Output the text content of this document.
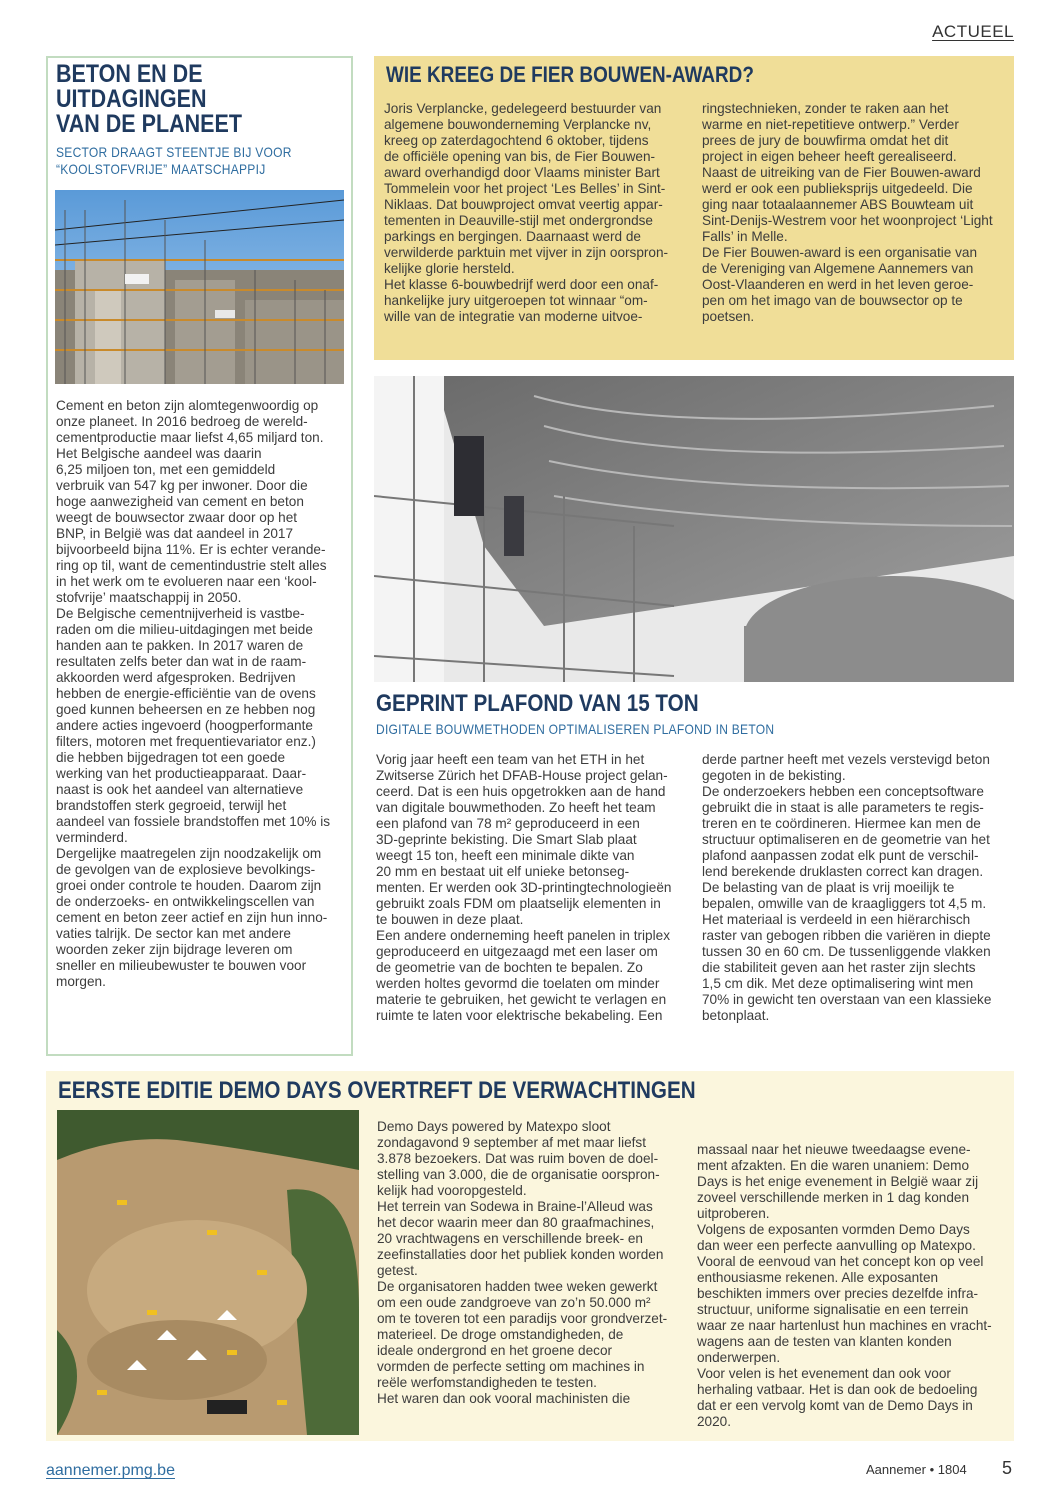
ACTUEEL
BETON EN DE
UITDAGINGEN
VAN DE PLANEET
SECTOR DRAAGT STEENTJE BIJ VOOR
“KOOLSTOFVRIJE” MAATSCHAPPIJ

Cement en beton zijn alomtegenwoordig op

onze planeet. In 2016 bedroeg de wereld-

cementproductie maar liefst 4,65 miljard ton.

Het Belgische aandeel was daarin

6,25 miljoen ton, met een gemiddeld

verbruik van 547 kg per inwoner. Door die

hoge aanwezigheid van cement en beton

weegt de bouwsector zwaar door op het

BNP, in België was dat aandeel in 2017

bijvoorbeeld bijna 11%. Er is echter verande-

ring op til, want de cementindustrie stelt alles

in het werk om te evolueren naar een ‘kool-

stofvrije’ maatschappij in 2050.

De Belgische cementnijverheid is vastbe-

raden om die milieu-uitdagingen met beide

handen aan te pakken. In 2017 waren de

resultaten zelfs beter dan wat in de raam-

akkoorden werd afgesproken. Bedrijven

hebben de energie-efficiëntie van de ovens

goed kunnen beheersen en ze hebben nog

andere acties ingevoerd (hoogperformante

filters, motoren met frequentievariator enz.)

die hebben bijgedragen tot een goede

werking van het productieapparaat. Daar-

naast is ook het aandeel van alternatieve

brandstoffen sterk gegroeid, terwijl het

aandeel van fossiele brandstoffen met 10% is

verminderd.

Dergelijke maatregelen zijn noodzakelijk om

de gevolgen van de explosieve bevolkings-

groei onder controle te houden. Daarom zijn

de onderzoeks- en ontwikkelingscellen van

cement en beton zeer actief en zijn hun inno-

vaties talrijk. De sector kan met andere

woorden zeker zijn bijdrage leveren om

sneller en milieubewuster te bouwen voor

morgen.

WIE KREEG DE FIER BOUWEN-AWARD?

Joris Verplancke, gedelegeerd bestuurder van

algemene bouwonderneming Verplancke nv,

kreeg op zaterdagochtend 6 oktober, tijdens

de officiële opening van bis, de Fier Bouwen-

award overhandigd door Vlaams minister Bart

Tommelein voor het project ‘Les Belles’ in Sint-

Niklaas. Dat bouwproject omvat veertig appar-

tementen in Deauville-stijl met ondergrondse

parkings en bergingen. Daarnaast werd de

verwilderde parktuin met vijver in zijn oorspron-

kelijke glorie hersteld.

Het klasse 6-bouwbedrijf werd door een onaf-

hankelijke jury uitgeroepen tot winnaar “om-

wille van de integratie van moderne uitvoe-

ringstechnieken, zonder te raken aan het

warme en niet-repetitieve ontwerp.” Verder

prees de jury de bouwfirma omdat het dit

project in eigen beheer heeft gerealiseerd.

Naast de uitreiking van de Fier Bouwen-award

werd er ook een publieksprijs uitgedeeld. Die

ging naar totaalaannemer ABS Bouwteam uit

Sint-Denijs-Westrem voor het woonproject ‘Light

Falls’ in Melle.

De Fier Bouwen-award is een organisatie van

de Vereniging van Algemene Aannemers van

Oost-Vlaanderen en werd in het leven geroe-

pen om het imago van de bouwsector op te

poetsen.

GEPRINT PLAFOND VAN 15 TON
DIGITALE BOUWMETHODEN OPTIMALISEREN PLAFOND IN BETON

Vorig jaar heeft een team van het ETH in het

Zwitserse Zürich het DFAB-House project gelan-

ceerd. Dat is een huis opgetrokken aan de hand

van digitale bouwmethoden. Zo heeft het team

een plafond van 78 m² geproduceerd in een

3D-geprinte bekisting. Die Smart Slab plaat

weegt 15 ton, heeft een minimale dikte van

20 mm en bestaat uit elf unieke betonseg-

menten. Er werden ook 3D-printingtechnologieën

gebruikt zoals FDM om plaatselijk elementen in

te bouwen in deze plaat.

Een andere onderneming heeft panelen in triplex

geproduceerd en uitgezaagd met een laser om

de geometrie van de bochten te bepalen. Zo

werden holtes gevormd die toelaten om minder

materie te gebruiken, het gewicht te verlagen en

ruimte te laten voor elektrische bekabeling. Een

derde partner heeft met vezels verstevigd beton

gegoten in de bekisting.

De onderzoekers hebben een conceptsoftware

gebruikt die in staat is alle parameters te regis-

treren en te coördineren. Hiermee kan men de

structuur optimaliseren en de geometrie van het

plafond aanpassen zodat elk punt de verschil-

lend berekende druklasten correct kan dragen.

De belasting van de plaat is vrij moeilijk te

bepalen, omwille van de kraagliggers tot 4,5 m.

Het materiaal is verdeeld in een hiërarchisch

raster van gebogen ribben die variëren in diepte

tussen 30 en 60 cm. De tussenliggende vlakken

die stabiliteit geven aan het raster zijn slechts

1,5 cm dik. Met deze optimalisering wint men

70% in gewicht ten overstaan van een klassieke

betonplaat.

EERSTE EDITIE DEMO DAYS OVERTREFT DE VERWACHTINGEN

Demo Days powered by Matexpo sloot

zondagavond 9 september af met maar liefst

3.878 bezoekers. Dat was ruim boven de doel-

stelling van 3.000, die de organisatie oorspron-

kelijk had vooropgesteld.

Het terrein van Sodewa in Braine-l’Alleud was

het decor waarin meer dan 80 graafmachines,

20 vrachtwagens en verschillende breek- en

zeefinstallaties door het publiek konden worden

getest.

De organisatoren hadden twee weken gewerkt

om een oude zandgroeve van zo’n 50.000 m²

om te toveren tot een paradijs voor grondverzet-

materieel. De droge omstandigheden, de

ideale ondergrond en het groene decor

vormden de perfecte setting om machines in

reële werfomstandigheden te testen.

Het waren dan ook vooral machinisten die

massaal naar het nieuwe tweedaagse evene-

ment afzakten. En die waren unaniem: Demo

Days is het enige evenement in België waar zij

zoveel verschillende merken in 1 dag konden

uitproberen.

Volgens de exposanten vormden Demo Days

dan weer een perfecte aanvulling op Matexpo.

Vooral de eenvoud van het concept kon op veel

enthousiasme rekenen. Alle exposanten

beschikten immers over precies dezelfde infra-

structuur, uniforme signalisatie en een terrein

waar ze naar hartenlust hun machines en vracht-

wagens aan de testen van klanten konden

onderwerpen.

Voor velen is het evenement dan ook voor

herhaling vatbaar. Het is dan ook de bedoeling

dat er een vervolg komt van de Demo Days in

2020.

aannemer.pmg.be	Aannemer • 1804 5
